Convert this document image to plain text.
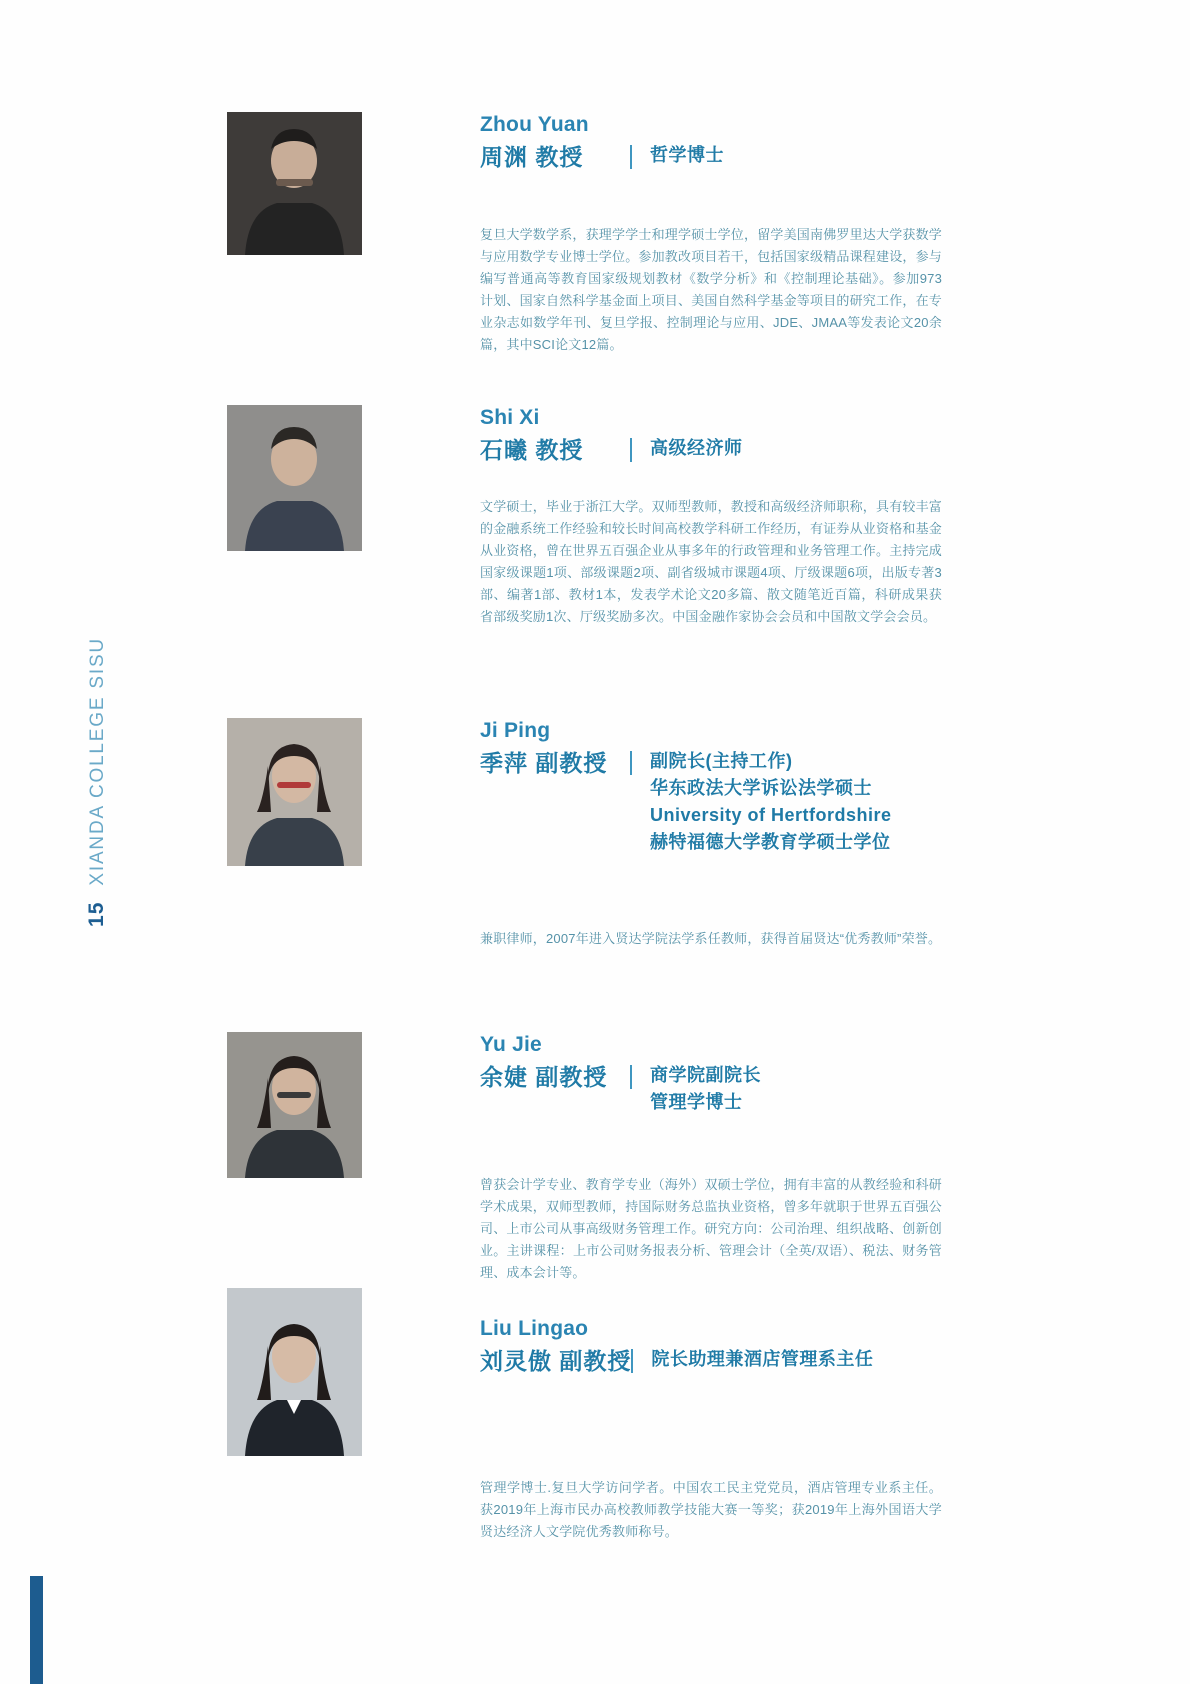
15XIANDA COLLEGE SISU
Zhou Yuan
周渊 教授	哲学博士
复旦大学数学系，获理学学士和理学硕士学位，留学美国南佛罗里达大学获数学与应用数学专业博士学位。参加教改项目若干，包括国家级精品课程建设，参与编写普通高等教育国家级规划教材《数学分析》和《控制理论基础》。参加973计划、国家自然科学基金面上项目、美国自然科学基金等项目的研究工作，在专业杂志如数学年刊、复旦学报、控制理论与应用、JDE、JMAA等发表论文20余篇，其中SCI论文12篇。
Shi Xi
石曦 教授	高级经济师
文学硕士，毕业于浙江大学。双师型教师，教授和高级经济师职称，具有较丰富的金融系统工作经验和较长时间高校教学科研工作经历，有证券从业资格和基金从业资格，曾在世界五百强企业从事多年的行政管理和业务管理工作。主持完成国家级课题1项、部级课题2项、副省级城市课题4项、厅级课题6项，出版专著3部、编著1部、教材1本，发表学术论文20多篇、散文随笔近百篇，科研成果获省部级奖励1次、厅级奖励多次。中国金融作家协会会员和中国散文学会会员。
Ji Ping
季萍 副教授	副院长(主持工作)
华东政法大学诉讼法学硕士
University of Hertfordshire
赫特福德大学教育学硕士学位
兼职律师，2007年进入贤达学院法学系任教师，获得首届贤达“优秀教师”荣誉。
Yu Jie
余婕 副教授	商学院副院长
管理学博士
曾获会计学专业、教育学专业（海外）双硕士学位，拥有丰富的从教经验和科研学术成果，双师型教师，持国际财务总监执业资格，曾多年就职于世界五百强公司、上市公司从事高级财务管理工作。研究方向：公司治理、组织战略、创新创业。主讲课程：上市公司财务报表分析、管理会计（全英/双语）、税法、财务管理、成本会计等。
Liu Lingao
刘灵傲 副教授 院长助理兼酒店管理系主任
管理学博士.复旦大学访问学者。中国农工民主党党员，酒店管理专业系主任。获2019年上海市民办高校教师教学技能大赛一等奖；获2019年上海外国语大学贤达经济人文学院优秀教师称号。
